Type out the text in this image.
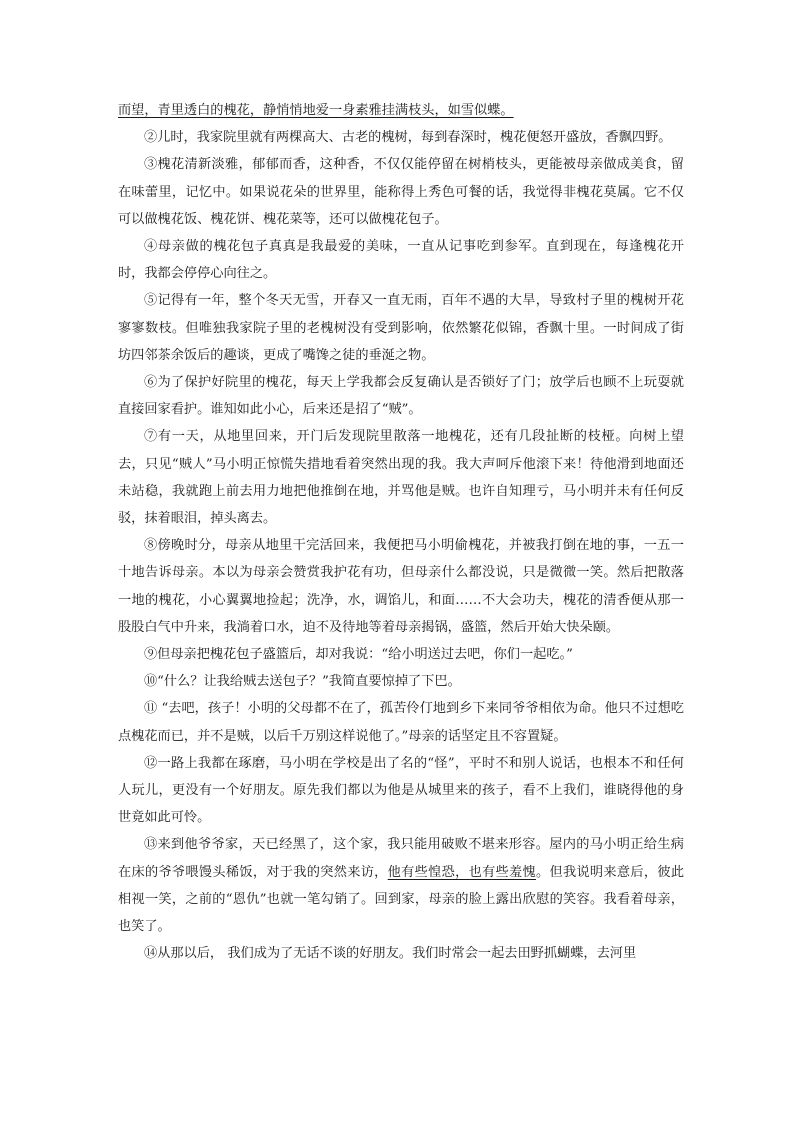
而望，青里透白的槐花，静悄悄地爱一身素雅挂满枝头，如雪似蝶。

②儿时，我家院里就有两棵高大、古老的槐树，每到春深时，槐花便怒开盛放，香飘四野。

③槐花清新淡雅，郁郁而香，这种香，不仅仅能停留在树梢枝头，更能被母亲做成美食，留在味蕾里，记忆中。如果说花朵的世界里，能称得上秀色可餐的话，我觉得非槐花莫属。它不仅可以做槐花饭、槐花饼、槐花菜等，还可以做槐花包子。

④母亲做的槐花包子真真是我最爱的美味，一直从记事吃到参军。直到现在，每逢槐花开时，我都会停停心向往之。

⑤记得有一年，整个冬天无雪，开春又一直无雨，百年不遇的大旱，导致村子里的槐树开花寥寥数枝。但唯独我家院子里的老槐树没有受到影响，依然繁花似锦，香飘十里。一时间成了街坊四邻茶余饭后的趣谈，更成了嘴馋之徒的垂涎之物。

⑥为了保护好院里的槐花，每天上学我都会反复确认是否锁好了门；放学后也顾不上玩耍就直接回家看护。谁知如此小心，后来还是招了“贼”。

⑦有一天，从地里回来，开门后发现院里散落一地槐花，还有几段扯断的枝桠。向树上望去，只见“贼人”马小明正惊慌失措地看着突然出现的我。我大声呵斥他滚下来！待他滑到地面还未站稳，我就跑上前去用力地把他推倒在地，并骂他是贼。也许自知理亏，马小明并未有任何反驳，抹着眼泪，掉头离去。

⑧傍晚时分，母亲从地里干完活回来，我便把马小明偷槐花，并被我打倒在地的事，一五一十地告诉母亲。本以为母亲会赞赏我护花有功，但母亲什么都没说，只是微微一笑。然后把散落一地的槐花，小心翼翼地捡起；洗净，水，调馅儿，和面……不大会功夫，槐花的清香便从那一股股白气中升来，我淌着口水，迫不及待地等着母亲揭锅，盛篮，然后开始大快朵颐。

⑨但母亲把槐花包子盛篮后，却对我说：“给小明送过去吧，你们一起吃。”

⑩“什么？让我给贼去送包子？”我简直要惊掉了下巴。

⑪ “去吧，孩子！小明的父母都不在了，孤苦伶仃地到乡下来同爷爷相依为命。他只不过想吃点槐花而已，并不是贼，以后千万别这样说他了。”母亲的话坚定且不容置疑。

⑫一路上我都在琢磨，马小明在学校是出了名的“怪”，平时不和别人说话，也根本不和任何人玩儿，更没有一个好朋友。原先我们都以为他是从城里来的孩子，看不上我们，谁晓得他的身世竟如此可怜。

⑬来到他爷爷家，天已经黑了，这个家，我只能用破败不堪来形容。屋内的马小明正给生病在床的爷爷喂馒头稀饭，对于我的突然来访，他有些惶恐，也有些羞愧。但我说明来意后，彼此相视一笑，之前的“恩仇”也就一笔勾销了。回到家，母亲的脸上露出欣慰的笑容。我看着母亲，也笑了。

⑭从那以后， 我们成为了无话不谈的好朋友。我们时常会一起去田野抓蝴蝶，去河里
